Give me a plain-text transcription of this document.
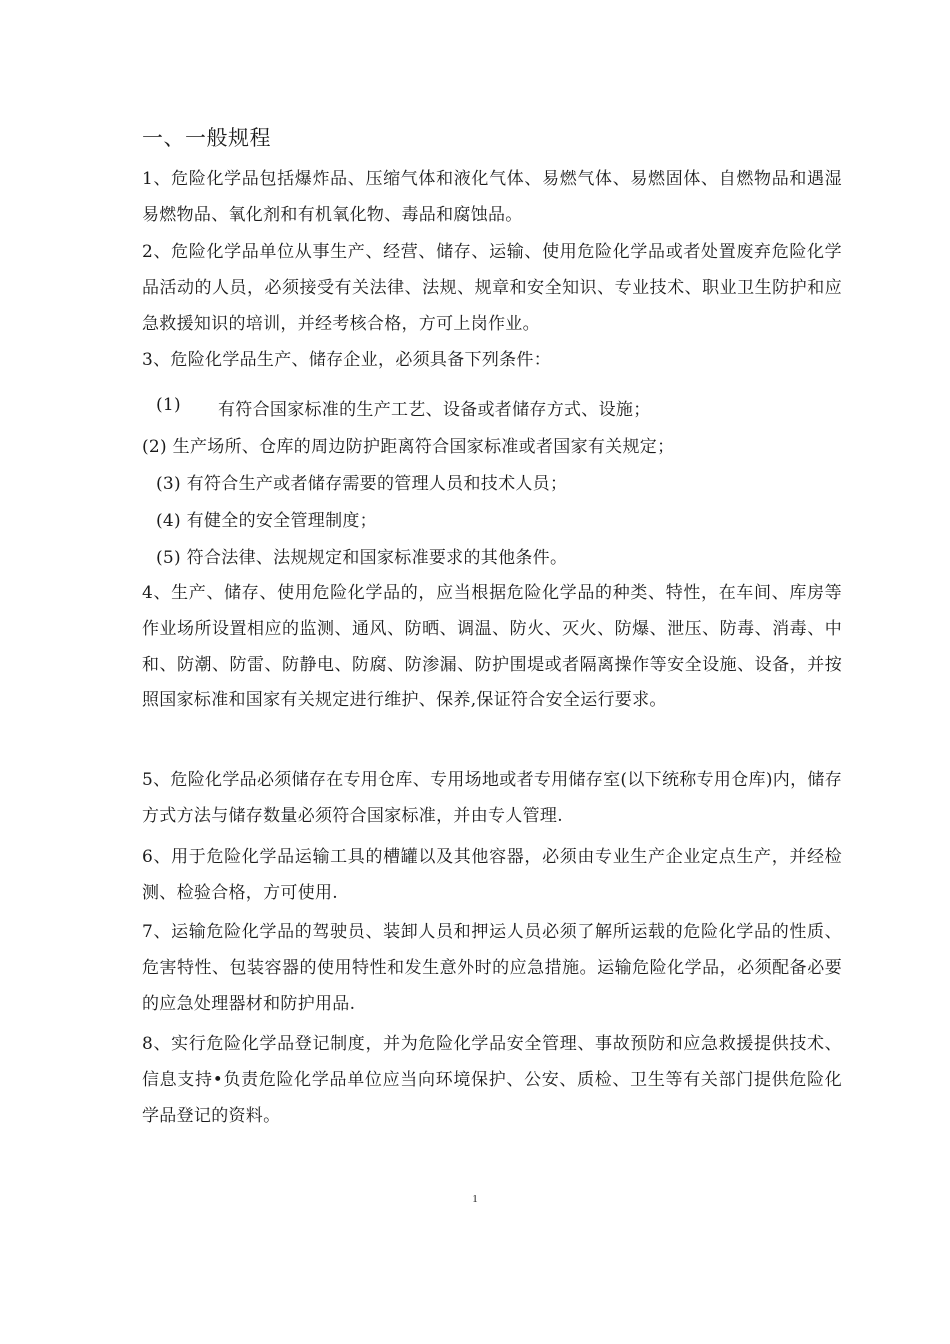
一、一般规程
1、危险化学品包括爆炸品、压缩气体和液化气体、易燃气体、易燃固体、自燃物品和遇湿易燃物品、氧化剂和有机氧化物、毒品和腐蚀品。
2、危险化学品单位从事生产、经营、储存、运输、使用危险化学品或者处置废弃危险化学品活动的人员，必须接受有关法律、法规、规章和安全知识、专业技术、职业卫生防护和应急救援知识的培训，并经考核合格，方可上岗作业。
3、危险化学品生产、储存企业，必须具备下列条件：
(1) 有符合国家标准的生产工艺、设备或者储存方式、设施；
(2) 生产场所、仓库的周边防护距离符合国家标准或者国家有关规定；
(3) 有符合生产或者储存需要的管理人员和技术人员；
(4) 有健全的安全管理制度；
(5) 符合法律、法规规定和国家标准要求的其他条件。
4、生产、储存、使用危险化学品的，应当根据危险化学品的种类、特性，在车间、库房等作业场所设置相应的监测、通风、防晒、调温、防火、灭火、防爆、泄压、防毒、消毒、中和、防潮、防雷、防静电、防腐、防渗漏、防护围堤或者隔离操作等安全设施、设备，并按照国家标准和国家有关规定进行维护、保养,保证符合安全运行要求。
5、危险化学品必须储存在专用仓库、专用场地或者专用储存室(以下统称专用仓库)内，储存方式方法与储存数量必须符合国家标准，并由专人管理.
6、用于危险化学品运输工具的槽罐以及其他容器，必须由专业生产企业定点生产，并经检测、检验合格，方可使用.
7、运输危险化学品的驾驶员、装卸人员和押运人员必须了解所运载的危险化学品的性质、危害特性、包装容器的使用特性和发生意外时的应急措施。运输危险化学品，必须配备必要的应急处理器材和防护用品.
8、实行危险化学品登记制度，并为危险化学品安全管理、事故预防和应急救援提供技术、信息支持•负责危险化学品单位应当向环境保护、公安、质检、卫生等有关部门提供危险化学品登记的资料。
1
